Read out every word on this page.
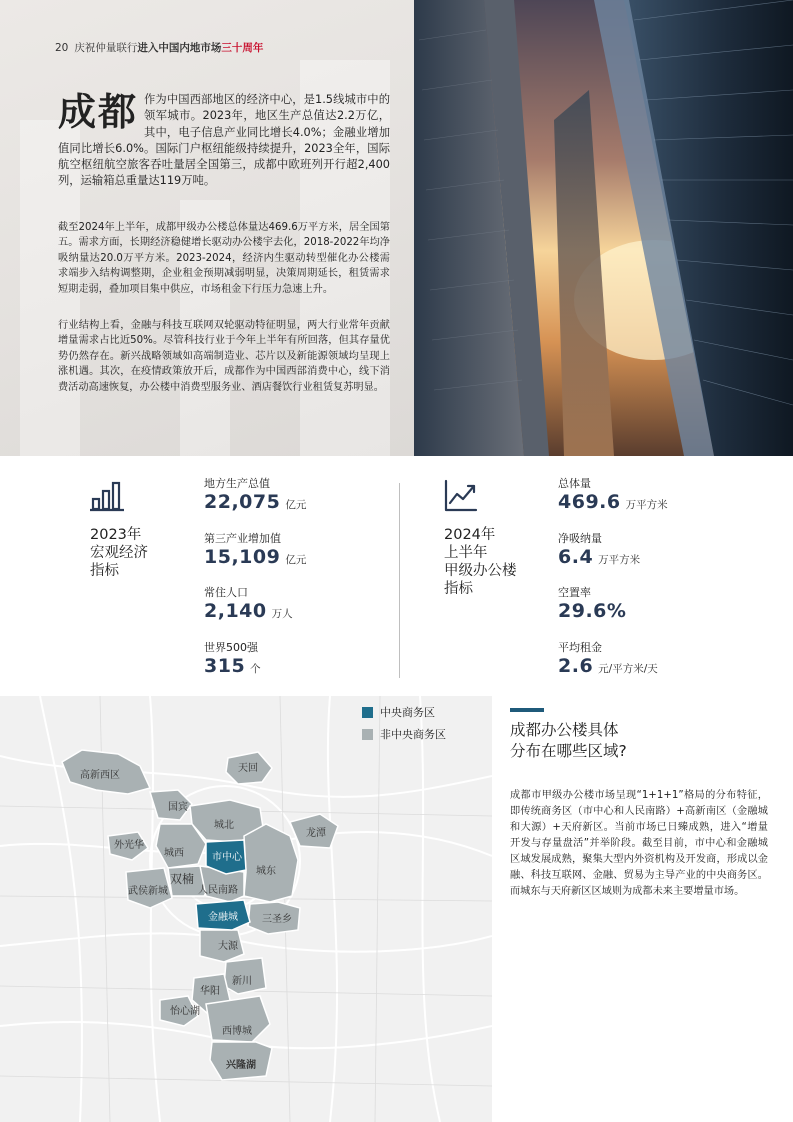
20 庆祝仲量联行进入中国内地市场三十周年
成都 作为中国西部地区的经济中心，是1.5线城市中的领军城市。2023年，地区生产总值达2.2万亿，其中，电子信息产业同比增长4.0%；金融业增加值同比增长6.0%。国际门户枢纽能级持续提升，2023全年，国际航空枢纽航空旅客吞吐量居全国第三，成都中欧班列开行超2,400列，运输箱总重量达119万吨。

截至2024年上半年，成都甲级办公楼总体量达469.6万平方米，居全国第五。需求方面，长期经济稳健增长驱动办公楼宇去化，2018-2022年均净吸纳量达20.0万平方米。2023-2024，经济内生驱动转型催化办公楼需求端步入结构调整期，企业租金预期减弱明显，决策周期延长，租赁需求短期走弱，叠加项目集中供应，市场租金下行压力急速上升。

行业结构上看，金融与科技互联网双轮驱动特征明显，两大行业常年贡献增量需求占比近50%。尽管科技行业于今年上半年有所回落，但其存量优势仍然存在。新兴战略领域如高端制造业、芯片以及新能源领域均呈现上涨机遇。其次，在疫情政策放开后，成都作为中国西部消费中心，线下消费活动高速恢复，办公楼中消费型服务业、酒店餐饮行业租赁复苏明显。

2023年
宏观经济
指标
地方生产总值
22,075 亿元
第三产业增加值
15,109 亿元
常住人口
2,140 万人
世界500强
315 个
2024年
上半年
甲级办公楼
指标
总体量
469.6 万平方米
净吸纳量
6.4 万平方米
空置率
29.6%
平均租金
2.6 元/平方米/天
高新西区
天回
国宾
城北
龙潭
外光华
城西	市中心
城东
双楠
武侯新城	人民南路
金融城 三圣乡
大源
新川
华阳
怡心湖
西博城
兴隆湖
中央商务区
非中央商务区	成都办公楼具体
分布在哪些区域?

成都市甲级办公楼市场呈现“1+1+1”格局的分布特征，即传统商务区（市中心和人民南路）+高新南区（金融城和大源）+天府新区。当前市场已日臻成熟，进入“增量开发与存量盘活”并举阶段。截至目前，市中心和金融城区域发展成熟，聚集大型内外资机构及开发商，形成以金融、科技互联网、金融、贸易为主导产业的中央商务区。而城东与天府新区区域则为成都未来主要增量市场。
